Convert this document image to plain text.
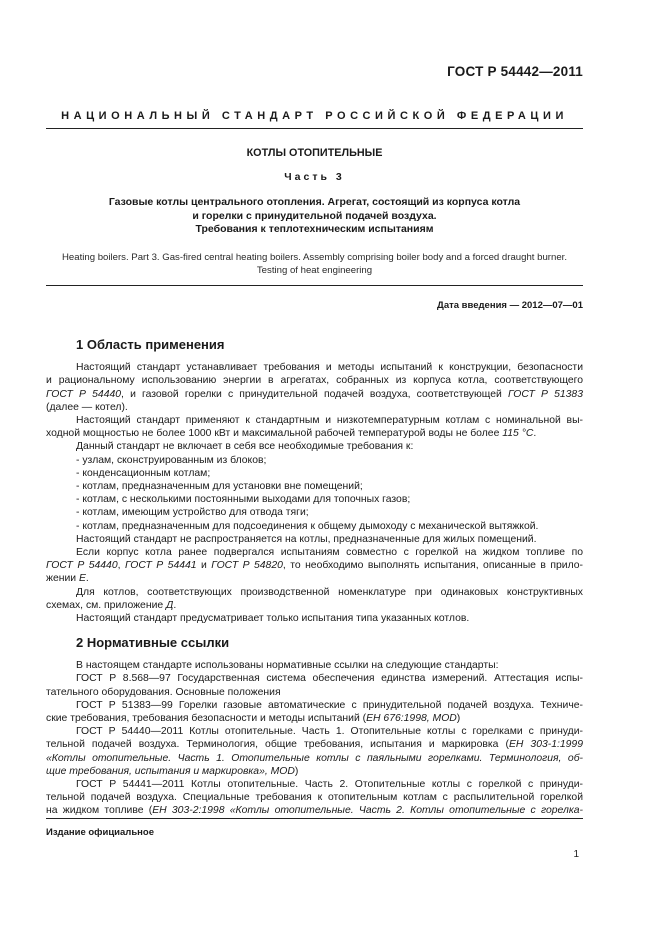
ГОСТ Р 54442—2011
НАЦИОНАЛЬНЫЙ СТАНДАРТ РОССИЙСКОЙ ФЕДЕРАЦИИ
КОТЛЫ ОТОПИТЕЛЬНЫЕ
Часть 3
Газовые котлы центрального отопления. Агрегат, состоящий из корпуса котла
и горелки с принудительной подачей воздуха.
Требования к теплотехническим испытаниям
Heating boilers. Part 3. Gas-fired central heating boilers. Assembly comprising boiler body and a forced draught burner.
Testing of heat engineering
Дата введения — 2012—07—01
1 Область применения

Настоящий стандарт устанавливает требования и методы испытаний к конструкции, безопасности

и рациональному использованию энергии в агрегатах, собранных из корпуса котла, соответствующего

ГОСТ Р 54440, и газовой горелки с принудительной подачей воздуха, соответствующей ГОСТ Р 51383

(далее — котел).

Настоящий стандарт применяют к стандартным и низкотемпературным котлам с номинальной вы-

ходной мощностью не более 1000 кВт и максимальной рабочей температурой воды не более 115 °С.

Данный стандарт не включает в себя все необходимые требования к:

- узлам, сконструированным из блоков;

- конденсационным котлам;

- котлам, предназначенным для установки вне помещений;

- котлам, с несколькими постоянными выходами для топочных газов;

- котлам, имеющим устройство для отвода тяги;

- котлам, предназначенным для подсоединения к общему дымоходу с механической вытяжкой.

Настоящий стандарт не распространяется на котлы, предназначенные для жилых помещений.

Если корпус котла ранее подвергался испытаниям совместно с горелкой на жидком топливе по

ГОСТ Р 54440, ГОСТ Р 54441 и ГОСТ Р 54820, то необходимо выполнять испытания, описанные в прило-

жении Е.

Для котлов, соответствующих производственной номенклатуре при одинаковых конструктивных

схемах, см. приложение Д.

Настоящий стандарт предусматривает только испытания типа указанных котлов.

2 Нормативные ссылки

В настоящем стандарте использованы нормативные ссылки на следующие стандарты:

ГОСТ Р 8.568—97 Государственная система обеспечения единства измерений. Аттестация испы-

тательного оборудования. Основные положения

ГОСТ Р 51383—99 Горелки газовые автоматические с принудительной подачей воздуха. Техниче-

ские требования, требования безопасности и методы испытаний (ЕН 676:1998, MOD)

ГОСТ Р 54440—2011 Котлы отопительные. Часть 1. Отопительные котлы с горелками с принуди-

тельной подачей воздуха. Терминология, общие требования, испытания и маркировка (ЕН 303-1:1999

«Котлы отопительные. Часть 1. Отопительные котлы с паяльными горелками. Терминология, об-

щие требования, испытания и маркировка», MOD)

ГОСТ Р 54441—2011 Котлы отопительные. Часть 2. Отопительные котлы с горелкой с принуди-

тельной подачей воздуха. Специальные требования к отопительным котлам с распылительной горелкой

на жидком топливе (ЕН 303-2:1998 «Котлы отопительные. Часть 2. Котлы отопительные с горелка-

Издание официальное
1
